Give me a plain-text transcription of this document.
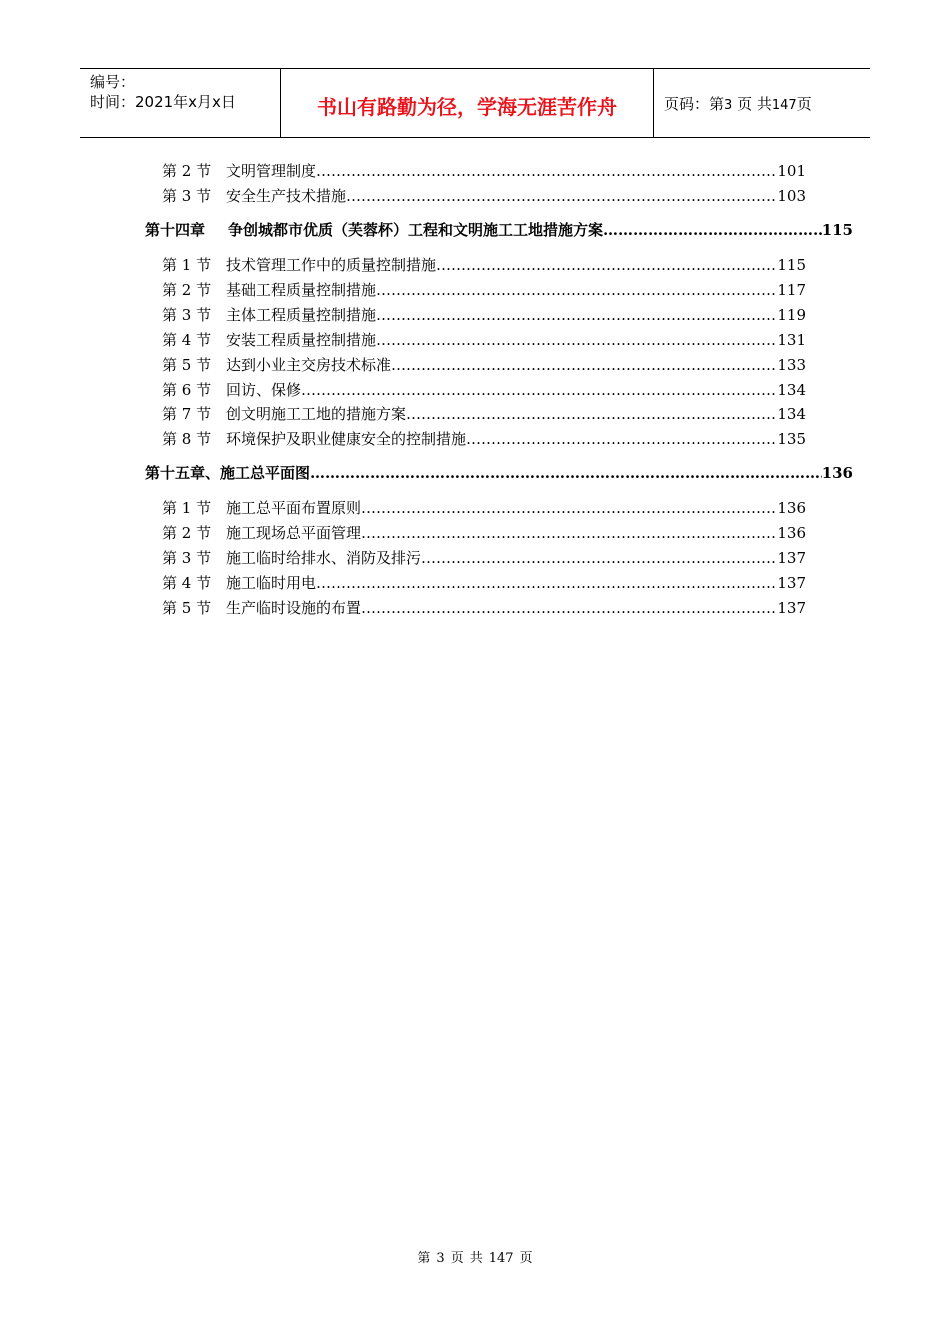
编号：
时间：2021年x月x日	书山有路勤为径，学海无涯苦作舟	页码：第3 页 共147页
第 2 节 文明管理制度 …………………………………………………………………………………………………………………………………………………………………………………………………………	101
第 3 节 安全生产技术措施 …………………………………………………………………………………………………………………………………………………………………………………………………………	103
第十四章	争创城都市优质（芙蓉杯）工程和文明施工工地措施方案 …………………………………………………………………………………………………………………………………………………………………………………………………………	115
第 1 节 技术管理工作中的质量控制措施 …………………………………………………………………………………………………………………………………………………………………………………………………………	115
第 2 节 基础工程质量控制措施 …………………………………………………………………………………………………………………………………………………………………………………………………………	117
第 3 节 主体工程质量控制措施 …………………………………………………………………………………………………………………………………………………………………………………………………………	119
第 4 节 安装工程质量控制措施 …………………………………………………………………………………………………………………………………………………………………………………………………………	131
第 5 节 达到小业主交房技术标准 …………………………………………………………………………………………………………………………………………………………………………………………………………	133
第 6 节 回访、保修 …………………………………………………………………………………………………………………………………………………………………………………………………………	134
第 7 节 创文明施工工地的措施方案 …………………………………………………………………………………………………………………………………………………………………………………………………………	134
第 8 节 环境保护及职业健康安全的控制措施 …………………………………………………………………………………………………………………………………………………………………………………………………………	135
第十五章、施工总平面图 …………………………………………………………………………………………………………………………………………………………………………………………………………	136
第 1 节 施工总平面布置原则 …………………………………………………………………………………………………………………………………………………………………………………………………………	136
第 2 节 施工现场总平面管理 …………………………………………………………………………………………………………………………………………………………………………………………………………	136
第 3 节 施工临时给排水、消防及排污 …………………………………………………………………………………………………………………………………………………………………………………………………………	137
第 4 节 施工临时用电 …………………………………………………………………………………………………………………………………………………………………………………………………………	137
第 5 节 生产临时设施的布置 …………………………………………………………………………………………………………………………………………………………………………………………………………	137
第 3 页 共 147 页
